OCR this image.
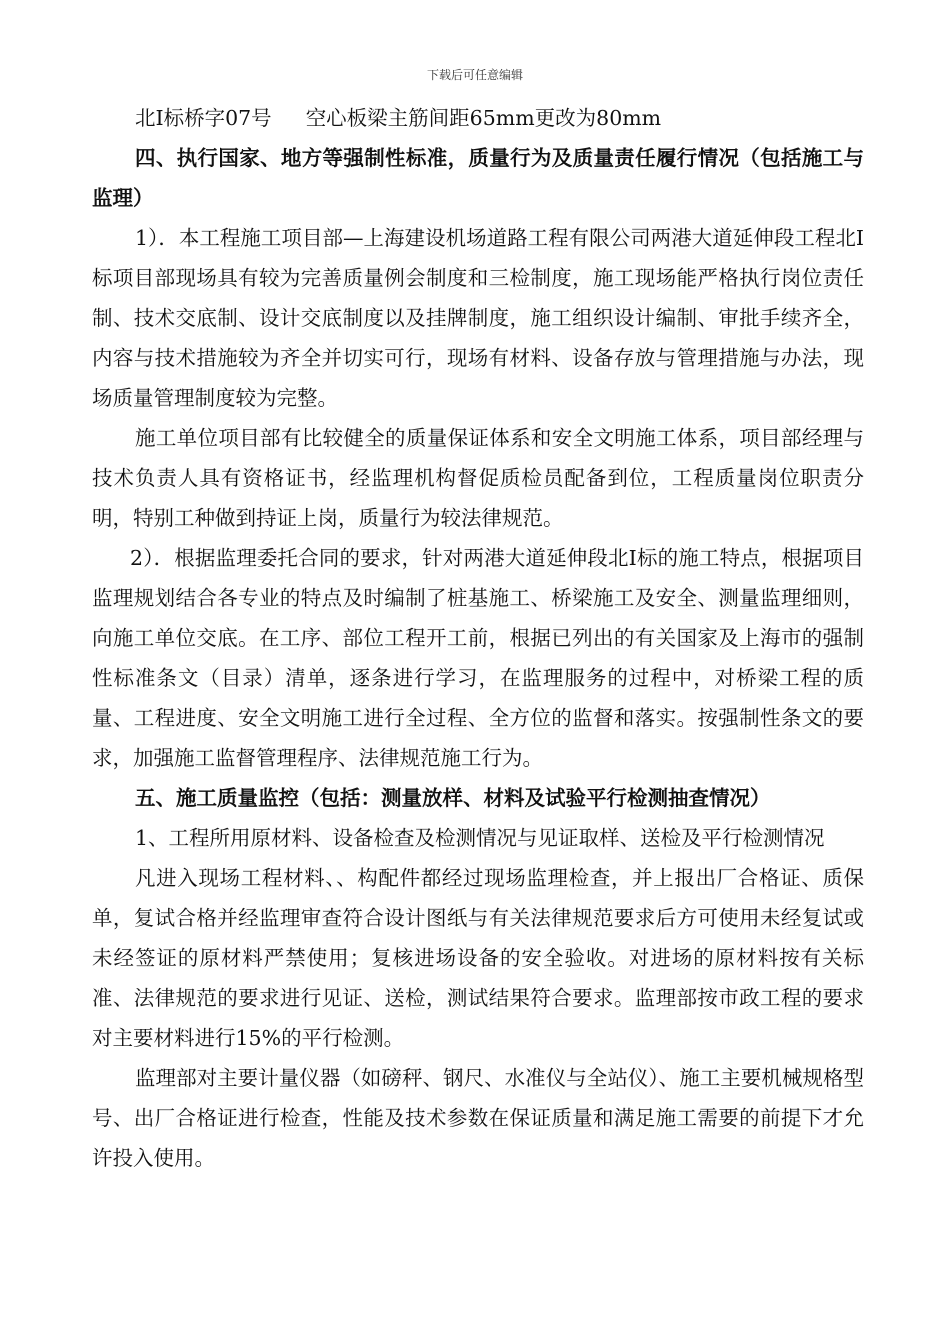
下载后可任意编辑

北I标桥字07号 空心板梁主筋间距65mm更改为80mm

四、执行国家、地方等强制性标准，质量行为及质量责任履行情况（包括施工与监理）

1）．本工程施工项目部—上海建设机场道路工程有限公司两港大道延伸段工程北I标项目部现场具有较为完善质量例会制度和三检制度，施工现场能严格执行岗位责任制、技术交底制、设计交底制度以及挂牌制度，施工组织设计编制、审批手续齐全，内容与技术措施较为齐全并切实可行，现场有材料、设备存放与管理措施与办法，现场质量管理制度较为完整。

施工单位项目部有比较健全的质量保证体系和安全文明施工体系，项目部经理与技术负责人具有资格证书，经监理机构督促质检员配备到位，工程质量岗位职责分明，特别工种做到持证上岗，质量行为较法律规范。

2）．根据监理委托合同的要求，针对两港大道延伸段北I标的施工特点，根据项目监理规划结合各专业的特点及时编制了桩基施工、桥梁施工及安全、测量监理细则，向施工单位交底。在工序、部位工程开工前，根据已列出的有关国家及上海市的强制性标准条文（目录）清单，逐条进行学习，在监理服务的过程中，对桥梁工程的质量、工程进度、安全文明施工进行全过程、全方位的监督和落实。按强制性条文的要求，加强施工监督管理程序、法律规范施工行为。

五、施工质量监控（包括：测量放样、材料及试验平行检测抽查情况）

1、工程所用原材料、设备检查及检测情况与见证取样、送检及平行检测情况

凡进入现场工程材料、、构配件都经过现场监理检查，并上报出厂合格证、质保单，复试合格并经监理审查符合设计图纸与有关法律规范要求后方可使用未经复试或未经签证的原材料严禁使用；复核进场设备的安全验收。对进场的原材料按有关标准、法律规范的要求进行见证、送检，测试结果符合要求。监理部按市政工程的要求对主要材料进行15%的平行检测。

监理部对主要计量仪器（如磅秤、钢尺、水准仪与全站仪）、施工主要机械规格型号、出厂合格证进行检查，性能及技术参数在保证质量和满足施工需要的前提下才允许投入使用。
